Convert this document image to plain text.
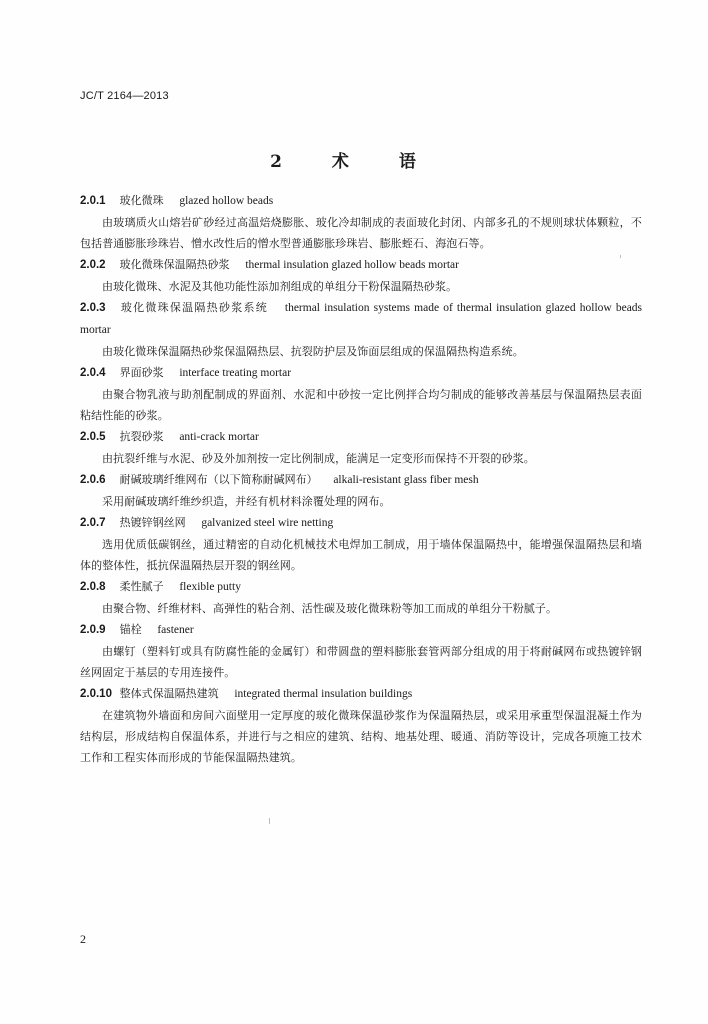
JC/T 2164—2013
2 术 语
2.0.1 玻化微珠 glazed hollow beads

由玻璃质火山熔岩矿砂经过高温焙烧膨胀、玻化冷却制成的表面玻化封闭、内部多孔的不规则球状体颗粒，不包括普通膨胀珍珠岩、憎水改性后的憎水型普通膨胀珍珠岩、膨胀蛭石、海泡石等。

2.0.2 玻化微珠保温隔热砂浆 thermal insulation glazed hollow beads mortar

由玻化微珠、水泥及其他功能性添加剂组成的单组分干粉保温隔热砂浆。

2.0.3 玻化微珠保温隔热砂浆系统 thermal insulation systems made of thermal insulation glazed hollow beads mortar

由玻化微珠保温隔热砂浆保温隔热层、抗裂防护层及饰面层组成的保温隔热构造系统。

2.0.4 界面砂浆 interface treating mortar

由聚合物乳液与助剂配制成的界面剂、水泥和中砂按一定比例拌合均匀制成的能够改善基层与保温隔热层表面粘结性能的砂浆。

2.0.5 抗裂砂浆 anti-crack mortar

由抗裂纤维与水泥、砂及外加剂按一定比例制成，能满足一定变形而保持不开裂的砂浆。

2.0.6 耐碱玻璃纤维网布（以下简称耐碱网布） alkali-resistant glass fiber mesh

采用耐碱玻璃纤维纱织造，并经有机材料涂覆处理的网布。

2.0.7 热镀锌钢丝网 galvanized steel wire netting

选用优质低碳钢丝，通过精密的自动化机械技术电焊加工制成，用于墙体保温隔热中，能增强保温隔热层和墙体的整体性，抵抗保温隔热层开裂的钢丝网。

2.0.8 柔性腻子 flexible putty

由聚合物、纤维材料、高弹性的粘合剂、活性碳及玻化微珠粉等加工而成的单组分干粉腻子。

2.0.9 锚栓 fastener

由螺钉（塑料钉或具有防腐性能的金属钉）和带圆盘的塑料膨胀套管两部分组成的用于将耐碱网布或热镀锌钢丝网固定于基层的专用连接件。

2.0.10 整体式保温隔热建筑 integrated thermal insulation buildings

在建筑物外墙面和房间六面壁用一定厚度的玻化微珠保温砂浆作为保温隔热层，或采用承重型保温混凝土作为结构层，形成结构自保温体系，并进行与之相应的建筑、结构、地基处理、暖通、消防等设计，完成各项施工技术工作和工程实体而形成的节能保温隔热建筑。

2
